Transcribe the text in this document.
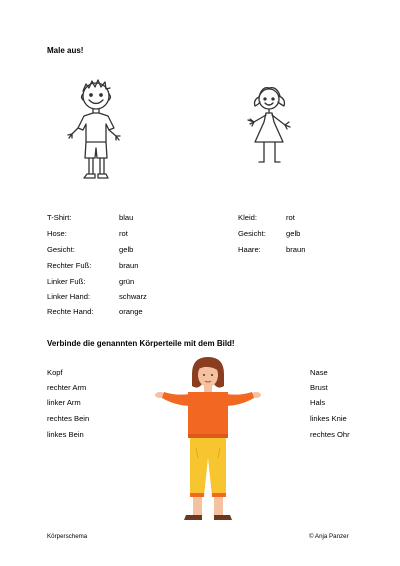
Male aus!
T-Shirt:	blau
Hose:	rot
Gesicht:	gelb
Rechter Fuß:	braun
Linker Fuß:	grün
Linker Hand:	schwarz
Rechte Hand:	orange
Kleid:	rot
Gesicht:	gelb
Haare:	braun
Verbinde die genannten Körperteile mit dem Bild!
Kopf
rechter Arm
linker Arm
rechtes Bein
linkes Bein
Nase
Brust
Hals
linkes Knie
rechtes Ohr
Körperschema	© Anja Panzer
